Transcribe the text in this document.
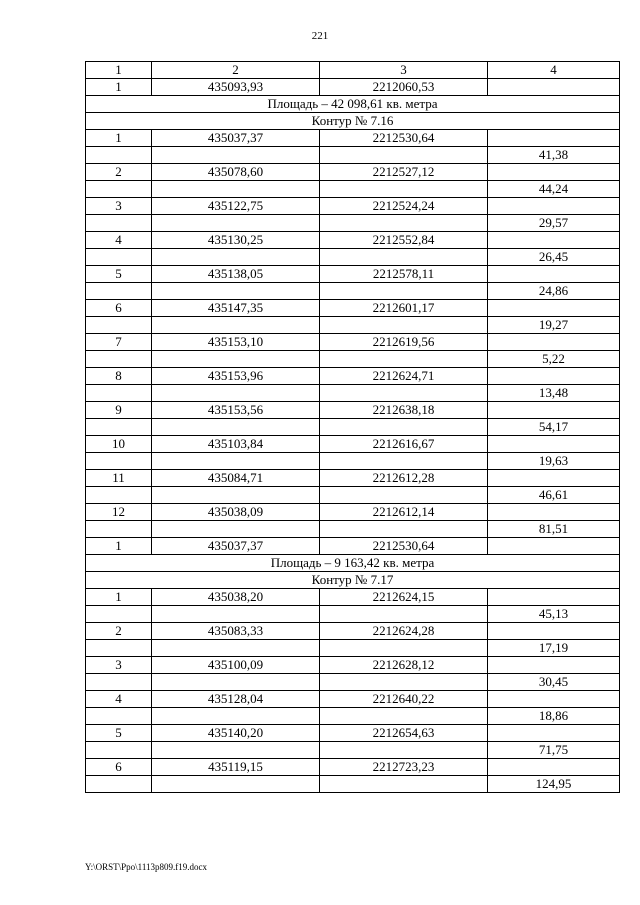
221
1	2	3	4
1	435093,93	2212060,53	
Площадь – 42 098,61 кв. метра			
Контур № 7.16			
1	435037,37	2212530,64	
			41,38
2	435078,60	2212527,12	
			44,24
3	435122,75	2212524,24	
			29,57
4	435130,25	2212552,84	
			26,45
5	435138,05	2212578,11	
			24,86
6	435147,35	2212601,17	
			19,27
7	435153,10	2212619,56	
			5,22
8	435153,96	2212624,71	
			13,48
9	435153,56	2212638,18	
			54,17
10	435103,84	2212616,67	
			19,63
11	435084,71	2212612,28	
			46,61
12	435038,09	2212612,14	
			81,51
1	435037,37	2212530,64	
Площадь – 9 163,42 кв. метра			
Контур № 7.17			
1	435038,20	2212624,15	
			45,13
2	435083,33	2212624,28	
			17,19
3	435100,09	2212628,12	
			30,45
4	435128,04	2212640,22	
			18,86
5	435140,20	2212654,63	
			71,75
6	435119,15	2212723,23	
			124,95
Y:\ORST\Ppo\1113p809.f19.docx
